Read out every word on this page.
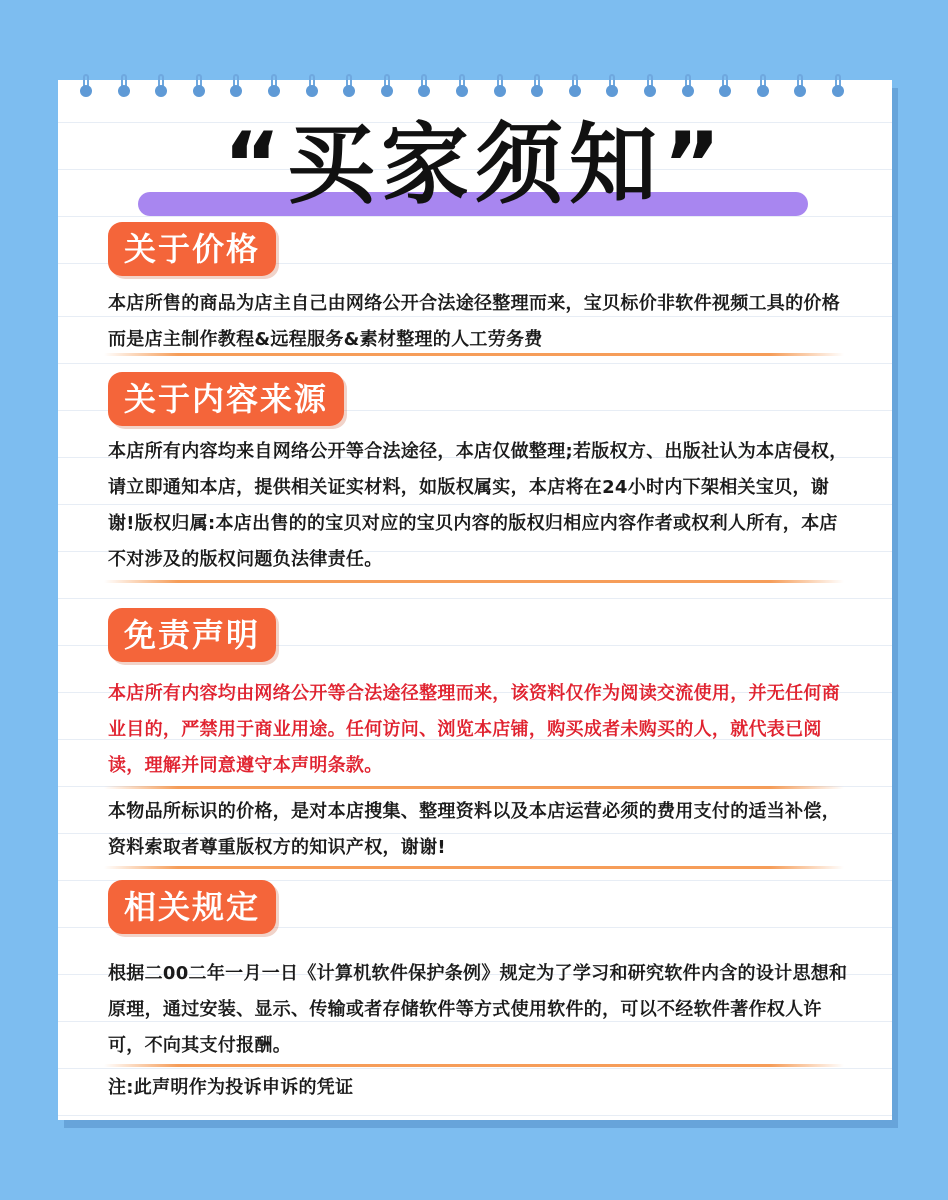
“买家须知”
关于价格
本店所售的商品为店主自己由网络公开合法途径整理而来，宝贝标价非软件视频工具的价格而是店主制作教程&远程服务&素材整理的人工劳务费
关于内容来源
本店所有内容均来自网络公开等合法途径，本店仅做整理;若版权方、出版社认为本店侵权，请立即通知本店，提供相关证实材料，如版权属实，本店将在24小时内下架相关宝贝，谢谢!版权归属:本店出售的的宝贝对应的宝贝内容的版权归相应内容作者或权利人所有，本店不对涉及的版权问题负法律责任。
免责声明
本店所有内容均由网络公开等合法途径整理而来，该资料仅作为阅读交流使用，并无任何商业目的，严禁用于商业用途。任何访问、浏览本店铺，购买成者未购买的人，就代表已阅读，理解并同意遵守本声明条款。
本物品所标识的价格，是对本店搜集、整理资料以及本店运营必须的费用支付的适当补偿，资料索取者尊重版权方的知识产权，谢谢!
相关规定
根据二00二年一月一日《计算机软件保护条例》规定为了学习和研究软件内含的设计思想和原理，通过安装、显示、传输或者存储软件等方式使用软件的，可以不经软件著作权人许可，不向其支付报酬。
注:此声明作为投诉申诉的凭证
